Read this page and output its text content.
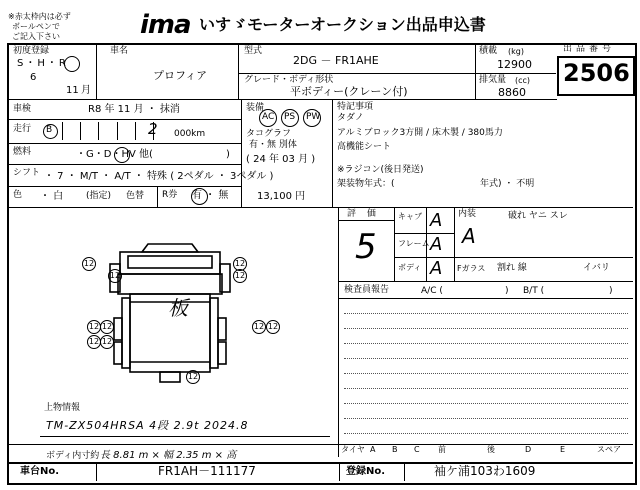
※赤太枠内は必ず
ボールペンで
ご記入下さい	ima いすゞモーターオークション出品申込書
出品番号
2506
初度登録
S・H・R
6
11 月
車名
プロフィア
型式
2DG － FR1AHE
グレード・ボディ形状
平ボディー(クレーン付)
積載 (kg)
12900
排気量 (cc)
8860
車検	R8 年 11 月 ・ 抹消
走行 B	2 000km
燃料	・G・D・HV 他(	)
シフト ・ 7 ・ M/T ・ A/T ・ 特殊 ( 2ペダル ・ 3ペダル )
色 ・ 白	(指定) 色替
装備
AC PS PW
タコグラフ
有・無 別体
( 24 年 03 月 )
R券 有 ・ 無	13,100 円
特記事項
タダノ
アルミブロック3方開 / 床木製 / 380馬力
高機能シート
※ラジコン(後日発送)
架装物年式：(	年式) ・ 不明
評 価
5
キャブ A
フレーム A
ボディ A
内装
A
破れ ヤニ スレ
Fガラス 割れ 線	イバリ
検査員報告	A/C (	) B/T (	)
タイヤ A B C 前	後	D	E	スペア
12	12
12	12
12 12
12 12
12 12
12
板
上物情報
TM-ZX504HRSA 4段 2.9t 2024.8
ボディ内寸約 長 8.81 m × 幅 2.35 m × 高
車台No.	FR1AH－111177	登録No.	袖ケ浦103わ1609
